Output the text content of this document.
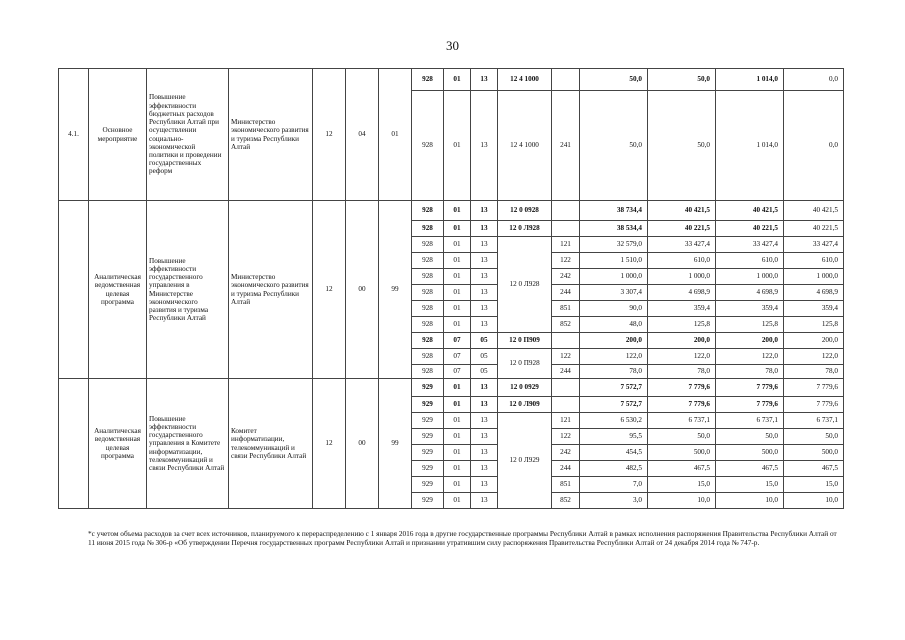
30
4.1.	Основное мероприятие	Повышение эффективности бюджетных расходов Республики Алтай при осуществлении социально-экономической политики и проведении государственных реформ	Министерство экономического развития и туризма Республики Алтай	12	04	01	928	01	13	12 4 1000		50,0	50,0	1 014,0	0,0
							928	01	13	12 4 1000	241	50,0	50,0	1 014,0	0,0
	Аналитическая ведомственная целевая программа	Повышение эффективности государственного управления в Министерстве экономического развития и туризма Республики Алтай	Министерство экономического развития и туризма Республики Алтай	12	00	99	928	01	13	12 0 0928		38 734,4	40 421,5	40 421,5	40 421,5
							928	01	13	12 0 Л928		38 534,4	40 221,5	40 221,5	40 221,5
							928	01	13	12 0 Л928	121	32 579,0	33 427,4	33 427,4	33 427,4
							928	01	13		122	1 510,0	610,0	610,0	610,0
							928	01	13		242	1 000,0	1 000,0	1 000,0	1 000,0
							928	01	13		244	3 307,4	4 698,9	4 698,9	4 698,9
							928	01	13		851	90,0	359,4	359,4	359,4
							928	01	13		852	48,0	125,8	125,8	125,8
							928	07	05	12 0 П909		200,0	200,0	200,0	200,0
							928	07	05	12 0 П928	122	122,0	122,0	122,0	122,0
							928	07	05		244	78,0	78,0	78,0	78,0
	Аналитическая ведомственная целевая программа	Повышение эффективности государственного управления в Комитете информатизации, телекоммуникаций и связи Республики Алтай	Комитет информатизации, телекоммуникаций и связи Республики Алтай	12	00	99	929	01	13	12 0 0929		7 572,7	7 779,6	7 779,6	7 779,6
							929	01	13	12 0 Л909		7 572,7	7 779,6	7 779,6	7 779,6
							929	01	13	12 0 Л929	121	6 530,2	6 737,1	6 737,1	6 737,1
							929	01	13		122	95,5	50,0	50,0	50,0
							929	01	13		242	454,5	500,0	500,0	500,0
							929	01	13		244	482,5	467,5	467,5	467,5
							929	01	13		851	7,0	15,0	15,0	15,0
							929	01	13		852	3,0	10,0	10,0	10,0
*с учетом объема расходов за счет всех источников, планируемого к перераспределению с 1 января 2016 года в другие государственные программы Республики Алтай в рамках исполнения распоряжения Правительства Республики Алтай от 11 июня 2015 года № 306-р «Об утверждении Перечня государственных программ Республики Алтай и признании утратившим силу распоряжения Правительства Республики Алтай от 24 декабря 2014 года № 747-р.
